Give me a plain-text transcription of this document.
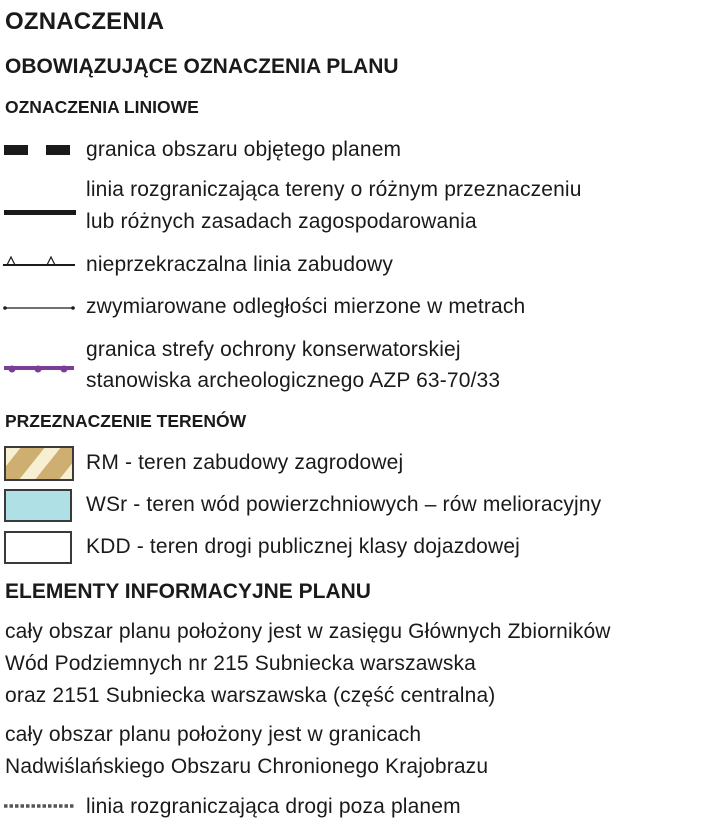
OZNACZENIA
OBOWIĄZUJĄCE OZNACZENIA PLANU
OZNACZENIA LINIOWE
granica obszaru objętego planem
linia rozgraniczająca tereny o różnym przeznaczeniu
lub różnych zasadach zagospodarowania
nieprzekraczalna linia zabudowy
zwymiarowane odległości mierzone w metrach
granica strefy ochrony konserwatorskiej
stanowiska archeologicznego AZP 63-70/33
PRZEZNACZENIE TERENÓW
RM - teren zabudowy zagrodowej
WSr - teren wód powierzchniowych – rów melioracyjny
KDD - teren drogi publicznej klasy dojazdowej
ELEMENTY INFORMACYJNE PLANU
cały obszar planu położony jest w zasięgu Głównych Zbiorników
Wód Podziemnych nr 215 Subniecka warszawska
oraz 2151 Subniecka warszawska (część centralna)
cały obszar planu położony jest w granicach
Nadwiślańskiego Obszaru Chronionego Krajobrazu
linia rozgraniczająca drogi poza planem
